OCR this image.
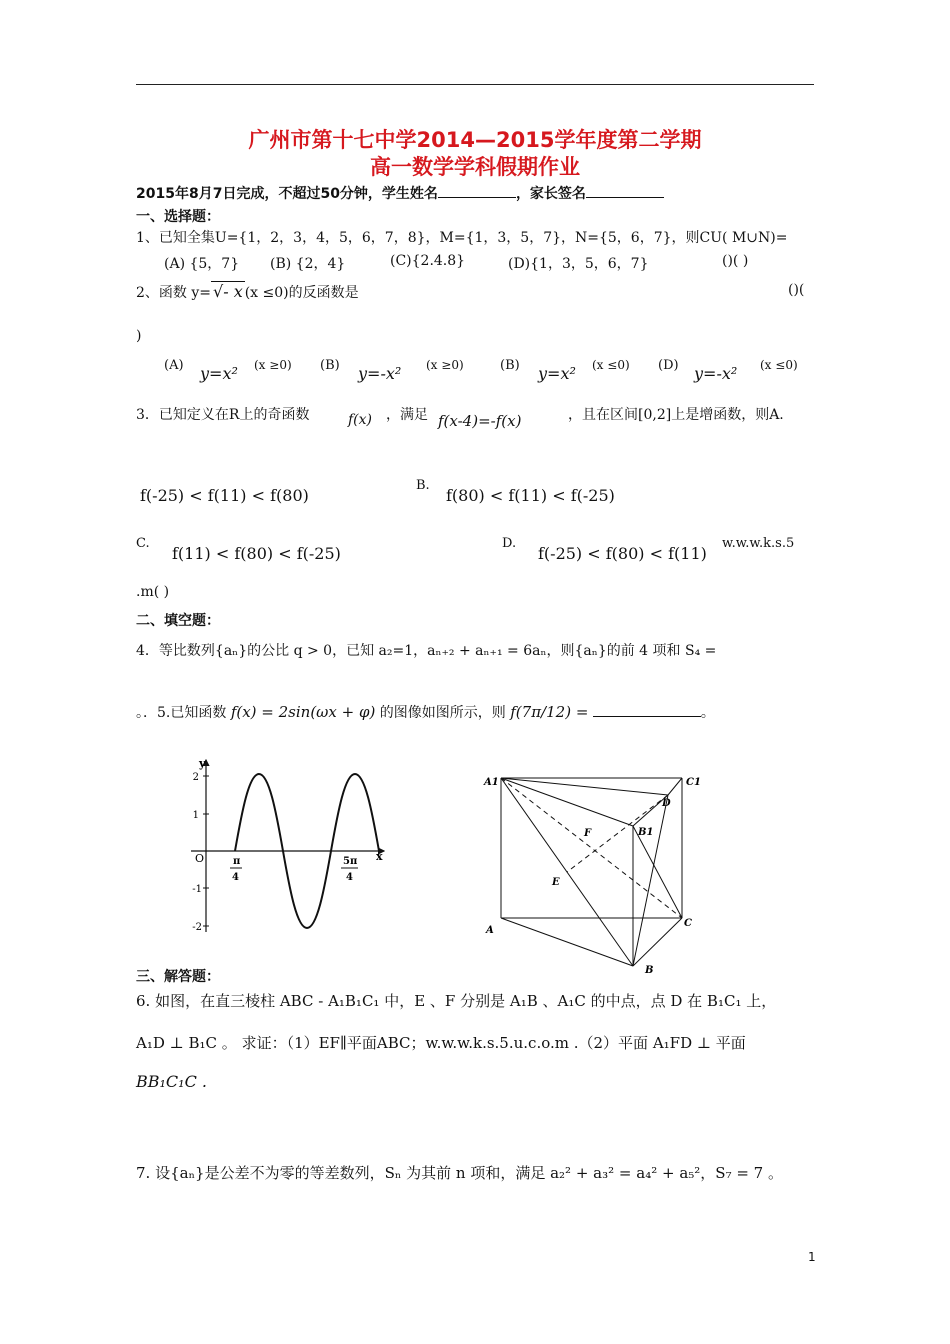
广州市第十七中学2014—2015学年度第二学期
高一数学学科假期作业
2015年8月7日完成，不超过50分钟，学生姓名	，家长签名
一、选择题：
1、已知全集U={1，2，3，4，5，6，7，8}，M={1，3，5，7}，N={5，6，7}，则CU( M∪N)=
(A) {5，7} (B) {2，4}	(C){2.4.8}	(D){1，3，5，6，7}	()( )
2、函数 y= √- x (x ≤0)的反函数是	()(
)
(A) y=x² (x ≥0) (B) y=-x² (x ≥0)	(B) y=x² (x ≤0) (D) y=-x² (x ≤0)
3．已知定义在R上的奇函数	f(x) ，满足 f(x-4)=-f(x)	，且在区间[0,2]上是增函数，则A.
f(-25) < f(11) < f(80)
B.
f(80) < f(11) < f(-25)
C.
f(11) < f(80) < f(-25)
D.
f(-25) < f(80) < f(11)
w.w.w.k.s.5
.m( )
二、填空题：
4．等比数列{aₙ}的公比 q > 0，已知 a₂=1，aₙ₊₂ + aₙ₊₁ = 6aₙ，则{aₙ}的前 4 项和 S₄ =
。．5.已知函数 f(x) = 2sin(ωx + φ) 的图像如图所示，则 f(7π/12) =	。
y
x
O
2
1
-1
-2
π
4
5π
4
A1	C1
D
F	B1
E
A
C
B
三、解答题：
6. 如图，在直三棱柱 ABC - A₁B₁C₁ 中，E 、F 分别是 A₁B 、A₁C 的中点，点 D 在 B₁C₁ 上，
A₁D ⊥ B₁C 。 求证：（1）EF∥平面ABC；w.w.w.k.s.5.u.c.o.m .（2）平面 A₁FD ⊥ 平面
BB₁C₁C .
7. 设{aₙ}是公差不为零的等差数列，Sₙ 为其前 n 项和，满足 a₂² + a₃² = a₄² + a₅²，S₇ = 7 。
1
